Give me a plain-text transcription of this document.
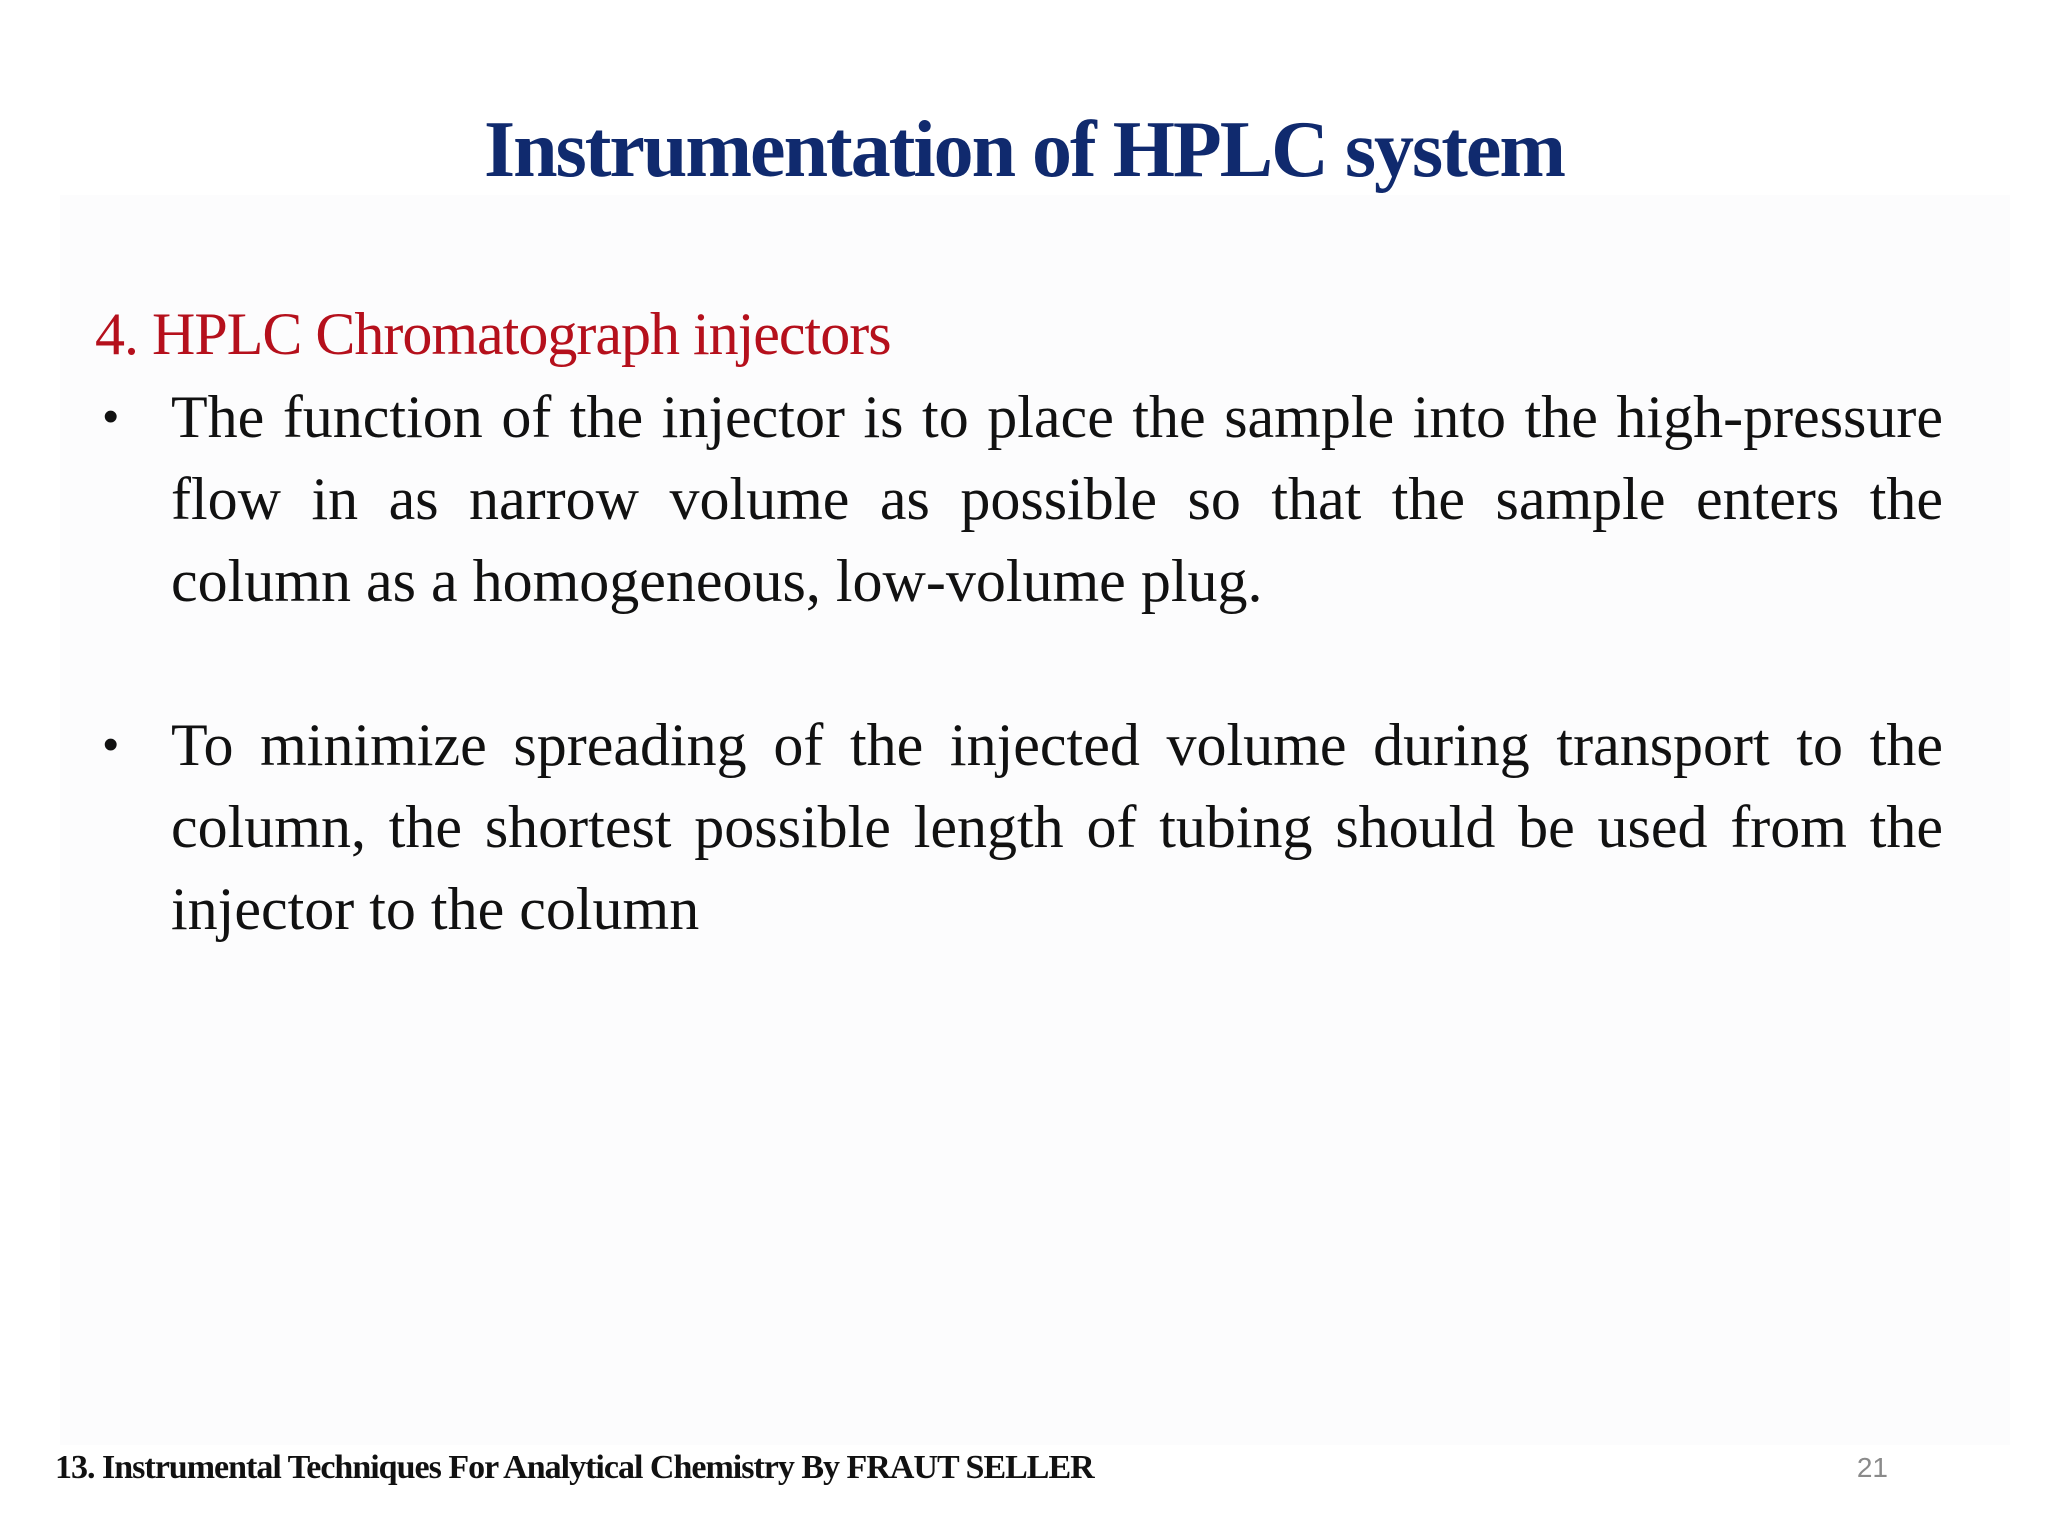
Instrumentation of HPLC system
4. HPLC Chromatograph injectors
• The function of the injector is to place the sample into the high-pressure flow in as narrow volume as possible so that the sample enters the column as a homogeneous, low-volume plug.
• To minimize spreading of the injected volume during transport to the column, the shortest possible length of tubing should be used from the injector to the column
13. Instrumental Techniques For Analytical Chemistry By FRAUT SELLER	21
